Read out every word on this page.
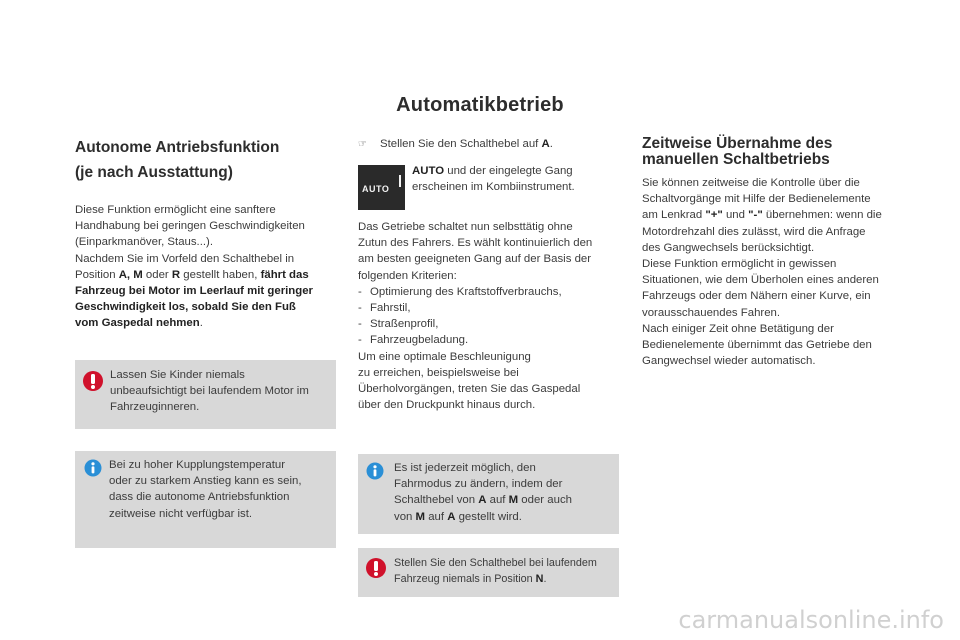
Automatikbetrieb
Autonome Antriebsfunktion
(je nach Ausstattung)
Diese Funktion ermöglicht eine sanftere
Handhabung bei geringen Geschwindigkeiten
(Einparkmanöver, Staus...).
Nachdem Sie im Vorfeld den Schalthebel in
Position A, M oder R gestellt haben, fährt das
Fahrzeug bei Motor im Leerlauf mit geringer
Geschwindigkeit los, sobald Sie den Fuß
vom Gaspedal nehmen.
Lassen Sie Kinder niemals
unbeaufsichtigt bei laufendem Motor im
Fahrzeuginneren.
Bei zu hoher Kupplungstemperatur
oder zu starkem Anstieg kann es sein,
dass die autonome Antriebsfunktion
zeitweise nicht verfügbar ist.
☞ Stellen Sie den Schalthebel auf A.
AUTO
AUTO und der eingelegte Gang
erscheinen im Kombiinstrument.
Das Getriebe schaltet nun selbsttätig ohne
Zutun des Fahrers. Es wählt kontinuierlich den
am besten geeigneten Gang auf der Basis der
folgenden Kriterien:
- Optimierung des Kraftstoffverbrauchs,
- Fahrstil,
- Straßenprofil,
- Fahrzeugbeladung.
Um eine optimale Beschleunigung
zu erreichen, beispielsweise bei
Überholvorgängen, treten Sie das Gaspedal
über den Druckpunkt hinaus durch.
Es ist jederzeit möglich, den
Fahrmodus zu ändern, indem der
Schalthebel von A auf M oder auch
von M auf A gestellt wird.
Stellen Sie den Schalthebel bei laufendem
Fahrzeug niemals in Position N.
Zeitweise Übernahme des
manuellen Schaltbetriebs
Sie können zeitweise die Kontrolle über die
Schaltvorgänge mit Hilfe der Bedienelemente
am Lenkrad "+" und "-" übernehmen: wenn die
Motordrehzahl dies zulässt, wird die Anfrage
des Gangwechsels berücksichtigt.
Diese Funktion ermöglicht in gewissen
Situationen, wie dem Überholen eines anderen
Fahrzeugs oder dem Nähern einer Kurve, ein
vorausschauendes Fahren.
Nach einiger Zeit ohne Betätigung der
Bedienelemente übernimmt das Getriebe den
Gangwechsel wieder automatisch.
carmanualsonline.info
